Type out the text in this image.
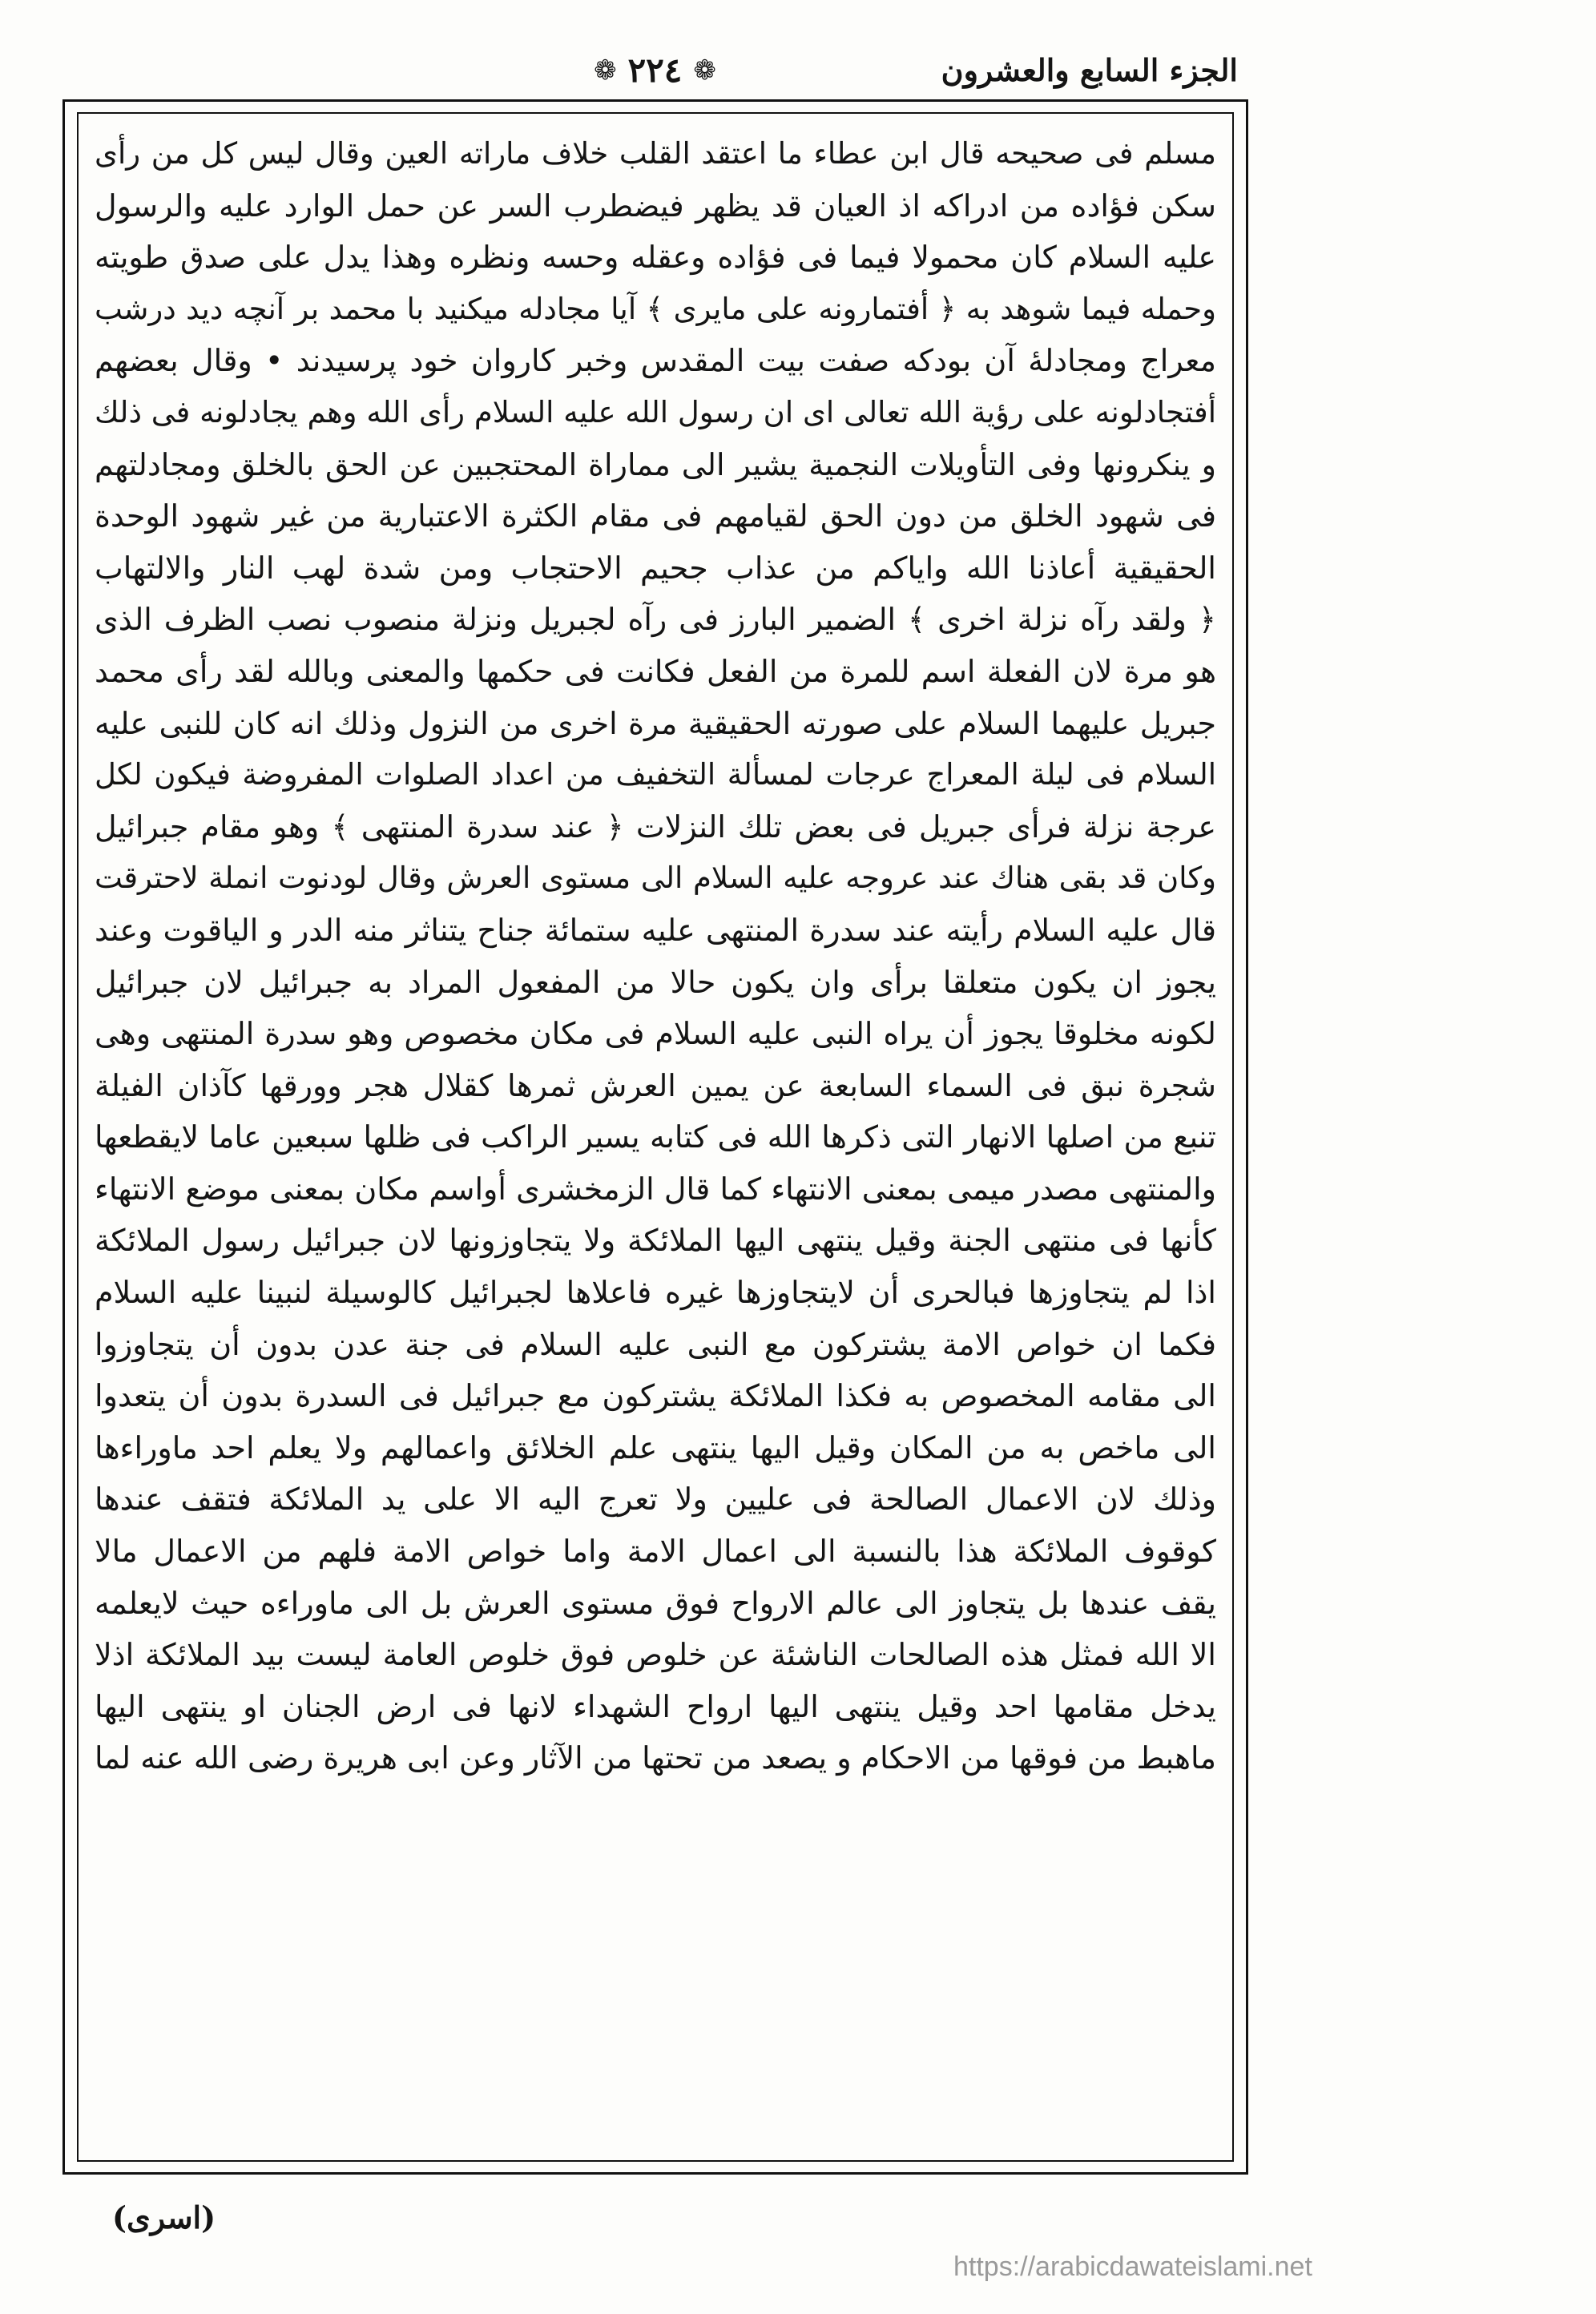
الجزء السابع والعشرون
❁ ٢٢٤ ❁
مسلم فى صحيحه قال ابن عطاء ما اعتقد القلب خلاف ماراته العين وقال ليس كل من رأى
سكن فؤاده من ادراكه اذ العيان قد يظهر فيضطرب السر عن حمل الوارد عليه والرسول
عليه السلام كان محمولا فيما فى فؤاده وعقله وحسه ونظره وهذا يدل على صدق طويته
وحمله فيما شوهد به ﴿ أفتمارونه على مايرى ﴾ آيا مجادله ميكنيد با محمد بر آنچه ديد درشب
معراج ومجادلهٔ آن بودكه صفت بيت المقدس وخبر كاروان خود پرسيدند • وقال بعضهم
أفتجادلونه على رؤية الله تعالى اى ان رسول الله عليه السلام رأى الله وهم يجادلونه فى ذلك
و ينكرونها وفى التأويلات النجمية يشير الى مماراة المحتجبين عن الحق بالخلق ومجادلتهم
فى شهود الخلق من دون الحق لقيامهم فى مقام الكثرة الاعتبارية من غير شهود الوحدة
الحقيقية أعاذنا الله واياكم من عذاب جحيم الاحتجاب ومن شدة لهب النار والالتهاب
﴿ ولقد رآه نزلة اخرى ﴾ الضمير البارز فى رآه لجبريل ونزلة منصوب نصب الظرف الذى
هو مرة لان الفعلة اسم للمرة من الفعل فكانت فى حكمها والمعنى وبالله لقد رأى محمد
جبريل عليهما السلام على صورته الحقيقية مرة اخرى من النزول وذلك انه كان للنبى عليه
السلام فى ليلة المعراج عرجات لمسألة التخفيف من اعداد الصلوات المفروضة فيكون لكل
عرجة نزلة فرأى جبريل فى بعض تلك النزلات ﴿ عند سدرة المنتهى ﴾ وهو مقام جبرائيل
وكان قد بقى هناك عند عروجه عليه السلام الى مستوى العرش وقال لودنوت انملة لاحترقت
قال عليه السلام رأيته عند سدرة المنتهى عليه ستمائة جناح يتناثر منه الدر و الياقوت وعند
يجوز ان يكون متعلقا برأى وان يكون حالا من المفعول المراد به جبرائيل لان جبرائيل
لكونه مخلوقا يجوز أن يراه النبى عليه السلام فى مكان مخصوص وهو سدرة المنتهى وهى
شجرة نبق فى السماء السابعة عن يمين العرش ثمرها كقلال هجر وورقها كآذان الفيلة
تنبع من اصلها الانهار التى ذكرها الله فى كتابه يسير الراكب فى ظلها سبعين عاما لايقطعها
والمنتهى مصدر ميمى بمعنى الانتهاء كما قال الزمخشرى أواسم مكان بمعنى موضع الانتهاء
كأنها فى منتهى الجنة وقيل ينتهى اليها الملائكة ولا يتجاوزونها لان جبرائيل رسول الملائكة
اذا لم يتجاوزها فبالحرى أن لايتجاوزها غيره فاعلاها لجبرائيل كالوسيلة لنبينا عليه السلام
فكما ان خواص الامة يشتركون مع النبى عليه السلام فى جنة عدن بدون أن يتجاوزوا
الى مقامه المخصوص به فكذا الملائكة يشتركون مع جبرائيل فى السدرة بدون أن يتعدوا
الى ماخص به من المكان وقيل اليها ينتهى علم الخلائق واعمالهم ولا يعلم احد ماوراءها
وذلك لان الاعمال الصالحة فى عليين ولا تعرج اليه الا على يد الملائكة فتقف عندها
كوقوف الملائكة هذا بالنسبة الى اعمال الامة واما خواص الامة فلهم من الاعمال مالا
يقف عندها بل يتجاوز الى عالم الارواح فوق مستوى العرش بل الى ماوراءه حيث لايعلمه
الا الله فمثل هذه الصالحات الناشئة عن خلوص فوق خلوص العامة ليست بيد الملائكة اذلا
يدخل مقامها احد وقيل ينتهى اليها ارواح الشهداء لانها فى ارض الجنان او ينتهى اليها
ماهبط من فوقها من الاحكام و يصعد من تحتها من الآثار وعن ابى هريرة رضى الله عنه لما
(اسرى)
https://arabicdawateislami.net
